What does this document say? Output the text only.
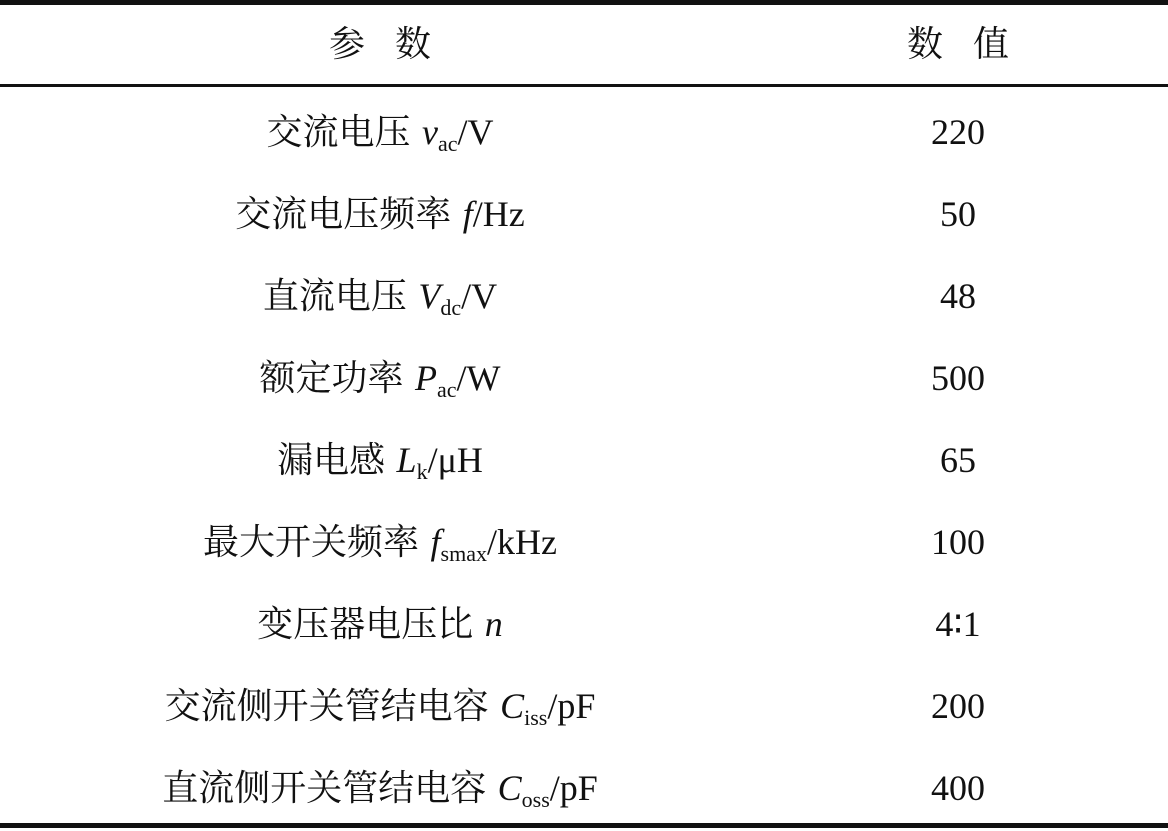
参数	数值
交流电压 $v_{ac}/V$	220
交流电压频率 f/Hz	50
直流电压 $V_{dc}/V$	48
额定功率 $P_{ac}/W$	500
漏电感 $L_k/\mu H$	65
最大开关频率 $f_{smax}$/kHz	100
变压器电压比 n	4∶1
交流侧开关管结电容 $C_{iss}/pF$	200
直流侧开关管结电容 $C_{oss}/pF$	400
